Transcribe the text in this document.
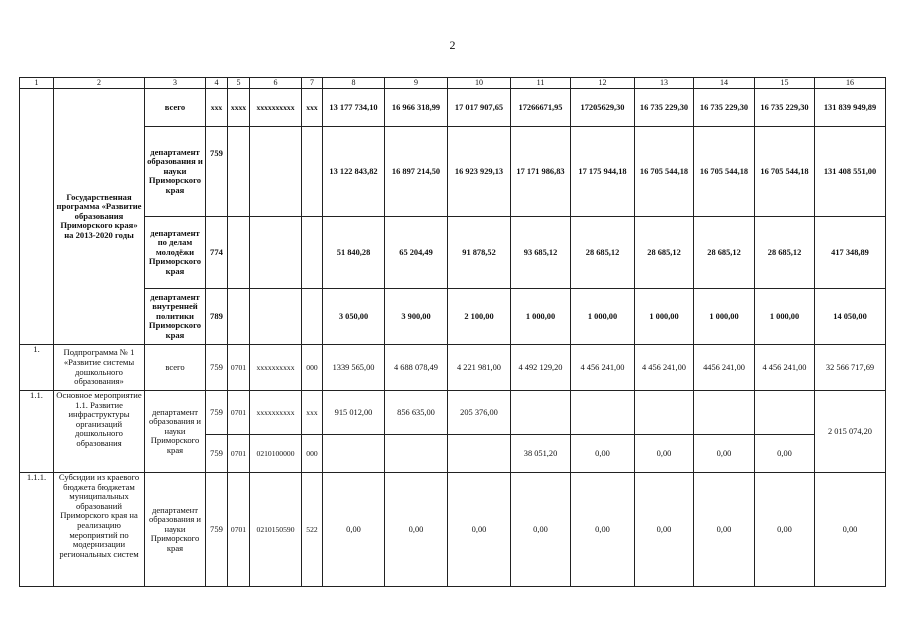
2
1	2	3	4	5	6	7	8	9	10	11	12	13	14	15	16
	Государственная программа «Развитие образования Приморского края» на 2013-2020 годы	всего	xxx	xxxx	xxxxxxxxxx	xxx	13 177 734,10	16 966 318,99	17 017 907,65	17266671,95	17205629,30	16 735 229,30	16 735 229,30	16 735 229,30	131 839 949,89
		департамент образования и науки Приморского края	759				13 122 843,82	16 897 214,50	16 923 929,13	17 171 986,83	17 175 944,18	16 705 544,18	16 705 544,18	16 705 544,18	131 408 551,00
		департамент по делам молодёжи Приморского края	774				51 840,28	65 204,49	91 878,52	93 685,12	28 685,12	28 685,12	28 685,12	28 685,12	417 348,89
		департамент внутренней политики Приморского края	789				3 050,00	3 900,00	2 100,00	1 000,00	1 000,00	1 000,00	1 000,00	1 000,00	14 050,00
1.	Подпрограмма № 1 «Развитие системы дошкольного образования»	всего	759	0701	xxxxxxxxxx	000	1339 565,00	4 688 078,49	4 221 981,00	4 492 129,20	4 456 241,00	4 456 241,00	4456 241,00	4 456 241,00	32 566 717,69
1.1.	Основное мероприятие 1.1. Развитие инфраструктуры организаций дошкольного образования	департамент образования и науки Приморского края	759	0701	xxxxxxxxxx	xxx	915 012,00	856 635,00	205 376,00						2 015 074,20
			759	0701	0210100000	000				38 051,20	0,00	0,00	0,00	0,00	
1.1.1.	Субсидии из краевого бюджета бюджетам муниципальных образований Приморского края на реализацию мероприятий по модернизации региональных систем	департамент образования и науки Приморского края	759	0701	0210150590	522	0,00	0,00	0,00	0,00	0,00	0,00	0,00	0,00	0,00
